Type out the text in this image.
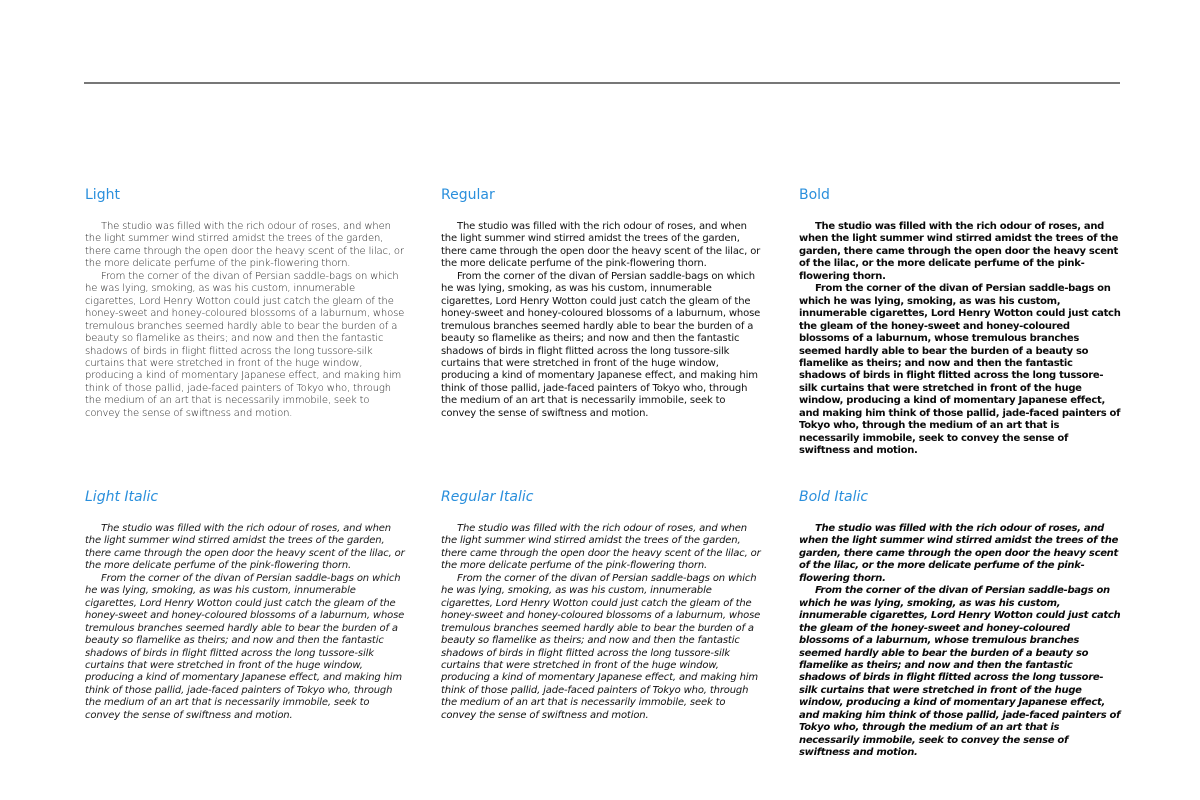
Light

The studio was filled with the rich odour of roses, and when the light summer wind stirred amidst the trees of the garden, there came through the open door the heavy scent of the lilac, or the more delicate perfume of the pink-flowering thorn.

From the corner of the divan of Persian saddle-bags on which he was lying, smoking, as was his custom, innumerable cigarettes, Lord Henry Wotton could just catch the gleam of the honey-sweet and honey-coloured blossoms of a laburnum, whose tremulous branches seemed hardly able to bear the burden of a beauty so flamelike as theirs; and now and then the fantastic shadows of birds in flight flitted across the long tussore-silk curtains that were stretched in front of the huge window, producing a kind of momentary Japanese effect, and making him think of those pallid, jade-faced painters of Tokyo who, through the medium of an art that is necessarily immobile, seek to convey the sense of swiftness and motion.

Regular

The studio was filled with the rich odour of roses, and when the light summer wind stirred amidst the trees of the garden, there came through the open door the heavy scent of the lilac, or the more delicate perfume of the pink-flowering thorn.

From the corner of the divan of Persian saddle-bags on which he was lying, smoking, as was his custom, innumerable cigarettes, Lord Henry Wotton could just catch the gleam of the honey-sweet and honey-coloured blossoms of a laburnum, whose tremulous branches seemed hardly able to bear the burden of a beauty so flamelike as theirs; and now and then the fantastic shadows of birds in flight flitted across the long tussore-silk curtains that were stretched in front of the huge window, producing a kind of momentary Japanese effect, and making him think of those pallid, jade-faced painters of Tokyo who, through the medium of an art that is necessarily immobile, seek to convey the sense of swiftness and motion.

Bold

The studio was filled with the rich odour of roses, and when the light summer wind stirred amidst the trees of the garden, there came through the open door the heavy scent of the lilac, or the more delicate perfume of the pink-flowering thorn.

From the corner of the divan of Persian saddle-bags on which he was lying, smoking, as was his custom, innumerable cigarettes, Lord Henry Wotton could just catch the gleam of the honey-sweet and honey-coloured blossoms of a laburnum, whose tremulous branches seemed hardly able to bear the burden of a beauty so flamelike as theirs; and now and then the fantastic shadows of birds in flight flitted across the long tussore-silk curtains that were stretched in front of the huge window, producing a kind of momentary Japanese effect, and making him think of those pallid, jade-faced painters of Tokyo who, through the medium of an art that is necessarily immobile, seek to convey the sense of swiftness and motion.

Light Italic

The studio was filled with the rich odour of roses, and when the light summer wind stirred amidst the trees of the garden, there came through the open door the heavy scent of the lilac, or the more delicate perfume of the pink-flowering thorn.

From the corner of the divan of Persian saddle-bags on which he was lying, smoking, as was his custom, innumerable cigarettes, Lord Henry Wotton could just catch the gleam of the honey-sweet and honey-coloured blossoms of a laburnum, whose tremulous branches seemed hardly able to bear the burden of a beauty so flamelike as theirs; and now and then the fantastic shadows of birds in flight flitted across the long tussore-silk curtains that were stretched in front of the huge window, producing a kind of momentary Japanese effect, and making him think of those pallid, jade-faced painters of Tokyo who, through the medium of an art that is necessarily immobile, seek to convey the sense of swiftness and motion.

Regular Italic

The studio was filled with the rich odour of roses, and when the light summer wind stirred amidst the trees of the garden, there came through the open door the heavy scent of the lilac, or the more delicate perfume of the pink-flowering thorn.

From the corner of the divan of Persian saddle-bags on which he was lying, smoking, as was his custom, innumerable cigarettes, Lord Henry Wotton could just catch the gleam of the honey-sweet and honey-coloured blossoms of a laburnum, whose tremulous branches seemed hardly able to bear the burden of a beauty so flamelike as theirs; and now and then the fantastic shadows of birds in flight flitted across the long tussore-silk curtains that were stretched in front of the huge window, producing a kind of momentary Japanese effect, and making him think of those pallid, jade-faced painters of Tokyo who, through the medium of an art that is necessarily immobile, seek to convey the sense of swiftness and motion.

Bold Italic

The studio was filled with the rich odour of roses, and when the light summer wind stirred amidst the trees of the garden, there came through the open door the heavy scent of the lilac, or the more delicate perfume of the pink-flowering thorn.

From the corner of the divan of Persian saddle-bags on which he was lying, smoking, as was his custom, innumerable cigarettes, Lord Henry Wotton could just catch the gleam of the honey-sweet and honey-coloured blossoms of a laburnum, whose tremulous branches seemed hardly able to bear the burden of a beauty so flamelike as theirs; and now and then the fantastic shadows of birds in flight flitted across the long tussore-silk curtains that were stretched in front of the huge window, producing a kind of momentary Japanese effect, and making him think of those pallid, jade-faced painters of Tokyo who, through the medium of an art that is necessarily immobile, seek to convey the sense of swiftness and motion.
